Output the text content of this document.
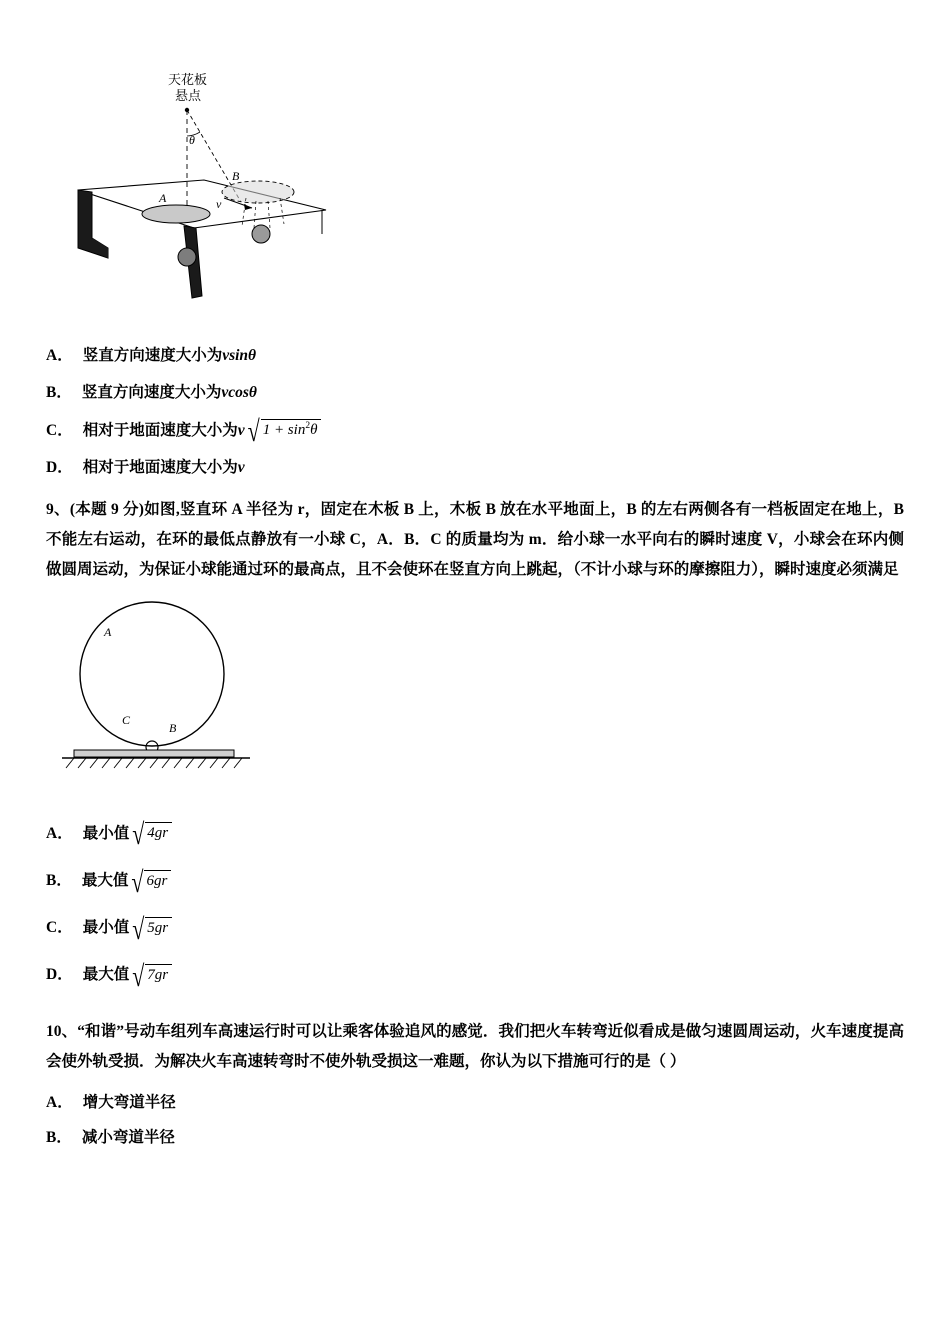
天花板
悬点
θ
A
B
v
A． 竖直方向速度大小为 vsinθ
B． 竖直方向速度大小为 vcosθ
C． 相对于地面速度大小为 v √ $1 + \sin^2\theta$
D． 相对于地面速度大小为 v
9、(本题 9 分)如图,竖直环 A 半径为 r，固定在木板 B 上，木板 B 放在水平地面上，B 的左右两侧各有一档板固定在地上，B 不能左右运动，在环的最低点静放有一小球 C，A．B．C 的质量均为 m．给小球一水平向右的瞬时速度 V，小球会在环内侧做圆周运动，为保证小球能通过环的最高点，且不会使环在竖直方向上跳起，（不计小球与环的摩擦阻力），瞬时速度必须满足
A
C
B
A． 最小值 √ 4gr
B． 最大值 √ 6gr
C． 最小值 √ 5gr
D． 最大值 √ 7gr
10、“和谐”号动车组列车高速运行时可以让乘客体验追风的感觉．我们把火车转弯近似看成是做匀速圆周运动，火车速度提高会使外轨受损．为解决火车高速转弯时不使外轨受损这一难题，你认为以下措施可行的是（ ）
A． 增大弯道半径
B． 减小弯道半径
